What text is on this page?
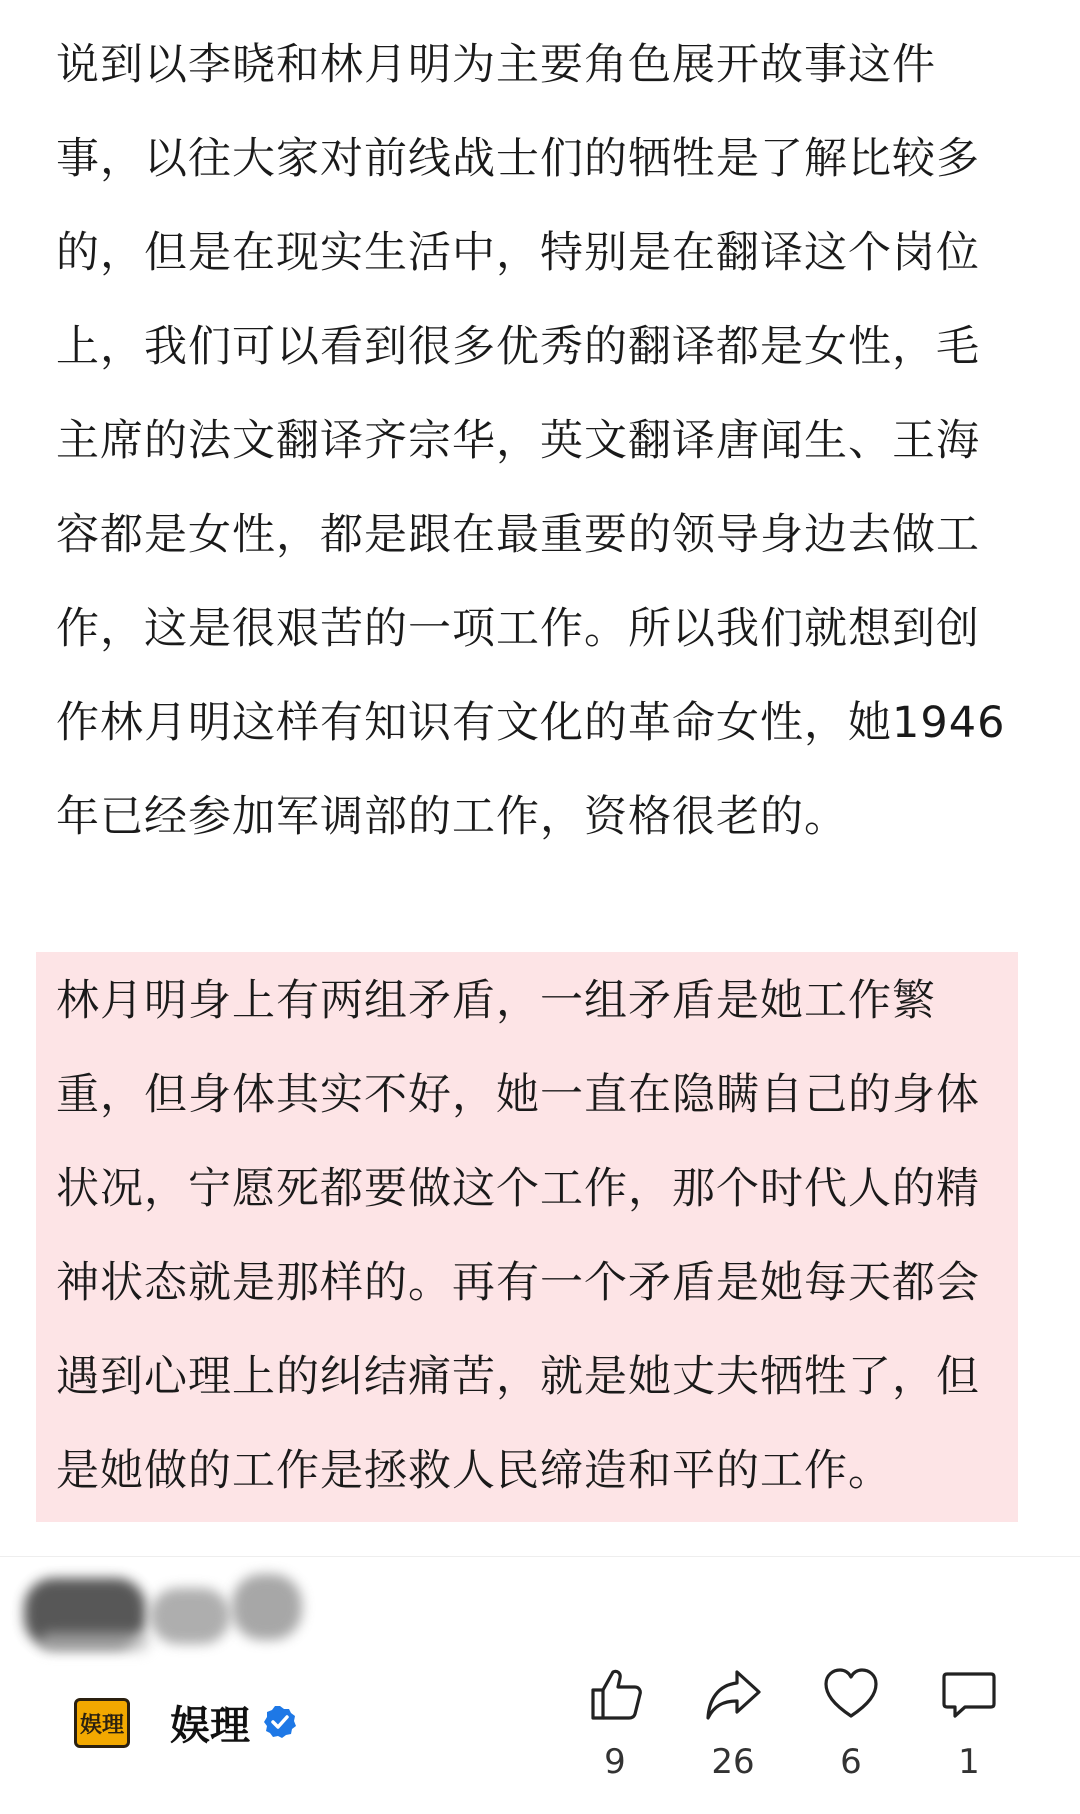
说到以李晓和林月明为主要角色展开故事这件
事，以往大家对前线战士们的牺牲是了解比较多
的，但是在现实生活中，特别是在翻译这个岗位
上，我们可以看到很多优秀的翻译都是女性，毛
主席的法文翻译齐宗华，英文翻译唐闻生、王海
容都是女性，都是跟在最重要的领导身边去做工
作，这是很艰苦的一项工作。所以我们就想到创
作林月明这样有知识有文化的革命女性，她1946
年已经参加军调部的工作，资格很老的。
林月明身上有两组矛盾，一组矛盾是她工作繁
重，但身体其实不好，她一直在隐瞒自己的身体
状况，宁愿死都要做这个工作，那个时代人的精
神状态就是那样的。再有一个矛盾是她每天都会
遇到心理上的纠结痛苦，就是她丈夫牺牲了，但
是她做的工作是拯救人民缔造和平的工作。
娱理 娱理
9	26	6	1
